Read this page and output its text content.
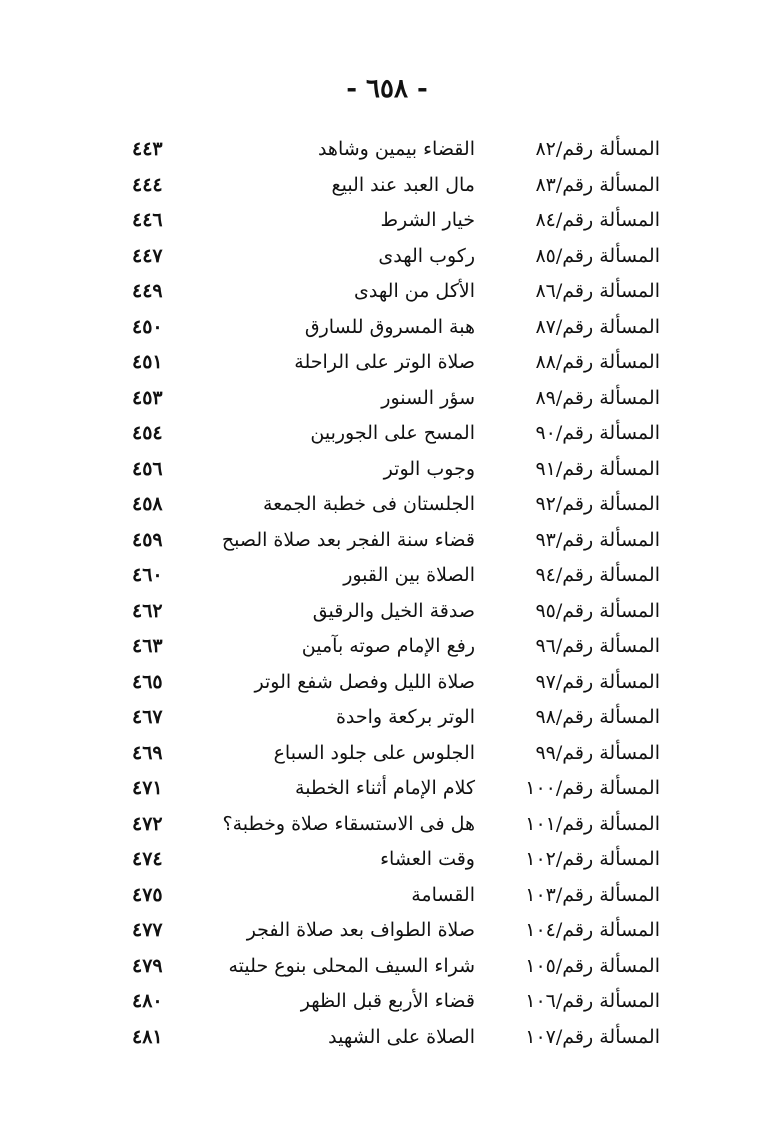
- ٦٥٨ -
المسألة رقم/٨٢
القضاء بيمين وشاهد
٤٤٣
المسألة رقم/٨٣
مال العبد عند البيع
٤٤٤
المسألة رقم/٨٤
خيار الشرط
٤٤٦
المسألة رقم/٨٥
ركوب الهدى
٤٤٧
المسألة رقم/٨٦
الأكل من الهدى
٤٤٩
المسألة رقم/٨٧
هبة المسروق للسارق
٤٥٠
المسألة رقم/٨٨
صلاة الوتر على الراحلة
٤٥١
المسألة رقم/٨٩
سؤر السنور
٤٥٣
المسألة رقم/٩٠
المسح على الجوربين
٤٥٤
المسألة رقم/٩١
وجوب الوتر
٤٥٦
المسألة رقم/٩٢
الجلستان فى خطبة الجمعة
٤٥٨
المسألة رقم/٩٣
قضاء سنة الفجر بعد صلاة الصبح
٤٥٩
المسألة رقم/٩٤
الصلاة بين القبور
٤٦٠
المسألة رقم/٩٥
صدقة الخيل والرقيق
٤٦٢
المسألة رقم/٩٦
رفع الإمام صوته بآمين
٤٦٣
المسألة رقم/٩٧
صلاة الليل وفصل شفع الوتر
٤٦٥
المسألة رقم/٩٨
الوتر بركعة واحدة
٤٦٧
المسألة رقم/٩٩
الجلوس على جلود السباع
٤٦٩
المسألة رقم/١٠٠
كلام الإمام أثناء الخطبة
٤٧١
المسألة رقم/١٠١
هل فى الاستسقاء صلاة وخطبة؟
٤٧٢
المسألة رقم/١٠٢
وقت العشاء
٤٧٤
المسألة رقم/١٠٣
القسامة
٤٧٥
المسألة رقم/١٠٤
صلاة الطواف بعد صلاة الفجر
٤٧٧
المسألة رقم/١٠٥
شراء السيف المحلى بنوع حليته
٤٧٩
المسألة رقم/١٠٦
قضاء الأربع قبل الظهر
٤٨٠
المسألة رقم/١٠٧
الصلاة على الشهيد
٤٨١
